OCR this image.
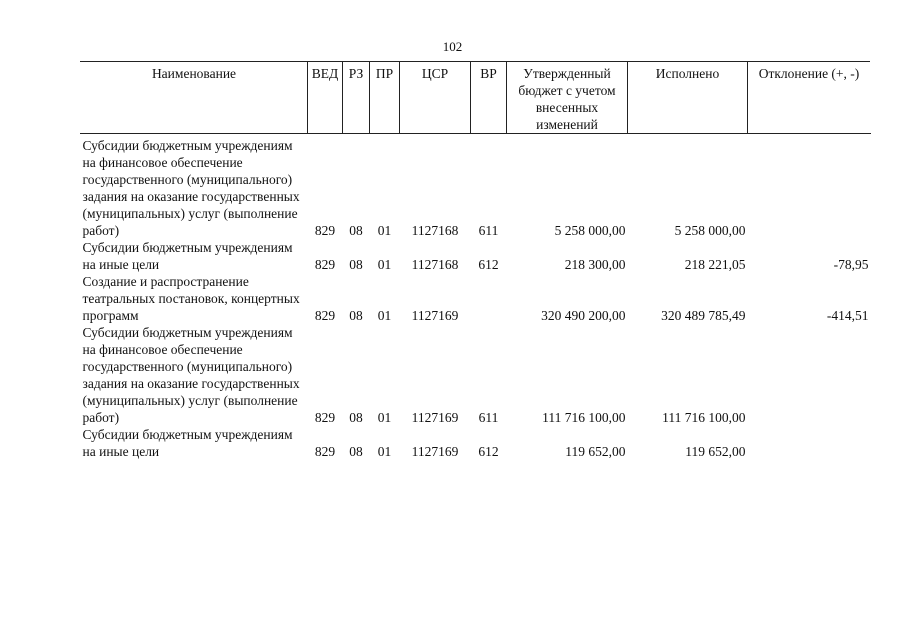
102
Наименование	ВЕД	РЗ	ПР	ЦСР	ВР	Утвержденный бюджет с учетом внесенных изменений	Исполнено	Отклонение (+, -)

Субсидии бюджетным учреждениям на финансовое обеспечение государственного (муниципального) задания на оказание государственных (муниципальных) услуг (выполнение работ)	829	08	01	1127168	611	5 258 000,00	5 258 000,00	
Субсидии бюджетным учреждениям на иные цели	829	08	01	1127168	612	218 300,00	218 221,05	-78,95
Создание и распространение театральных постановок, концертных программ	829	08	01	1127169		320 490 200,00	320 489 785,49	-414,51
Субсидии бюджетным учреждениям на финансовое обеспечение государственного (муниципального) задания на оказание государственных (муниципальных) услуг (выполнение работ)	829	08	01	1127169	611	111 716 100,00	111 716 100,00	
Субсидии бюджетным учреждениям на иные цели	829	08	01	1127169	612	119 652,00	119 652,00	
